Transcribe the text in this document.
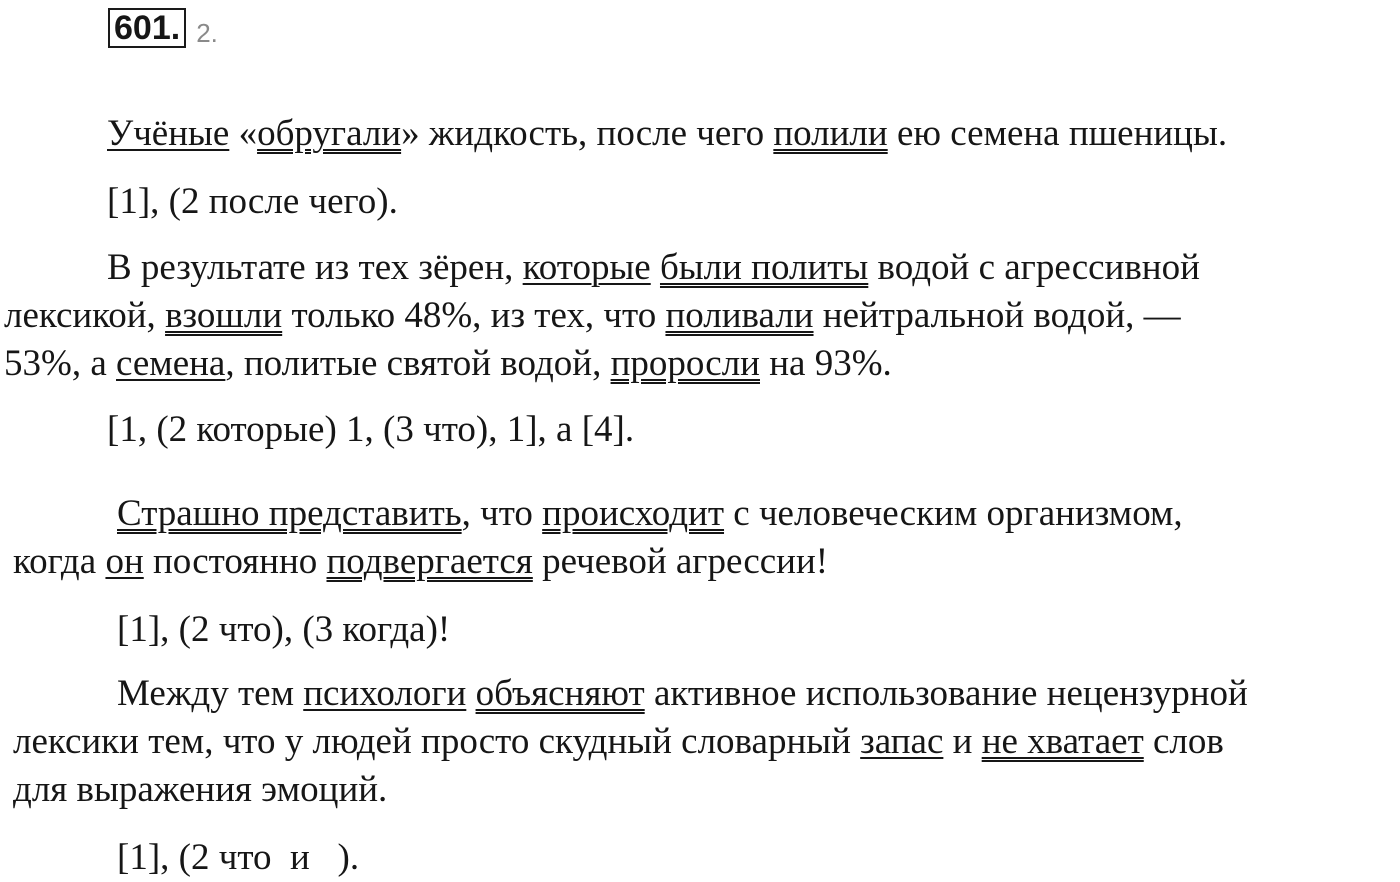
601. 2.
Учёные «обругали» жидкость, после чего полили ею семена пшеницы.
[1], (2 после чего).
В результате из тех зёрен, которые были политы водой с агрессивной
лексикой, взошли только 48%, из тех, что поливали нейтральной водой, —
53%, а семена, политые святой водой, проросли на 93%.
[1, (2 которые) 1, (3 что), 1], а [4].
Страшно представить, что происходит с человеческим организмом,
когда он постоянно подвергается речевой агрессии!
[1], (2 что), (3 когда)!
Между тем психологи объясняют активное использование нецензурной
лексики тем, что у людей просто скудный словарный запас и не хватает слов
для выражения эмоций.
[1], (2 что  и   ).
